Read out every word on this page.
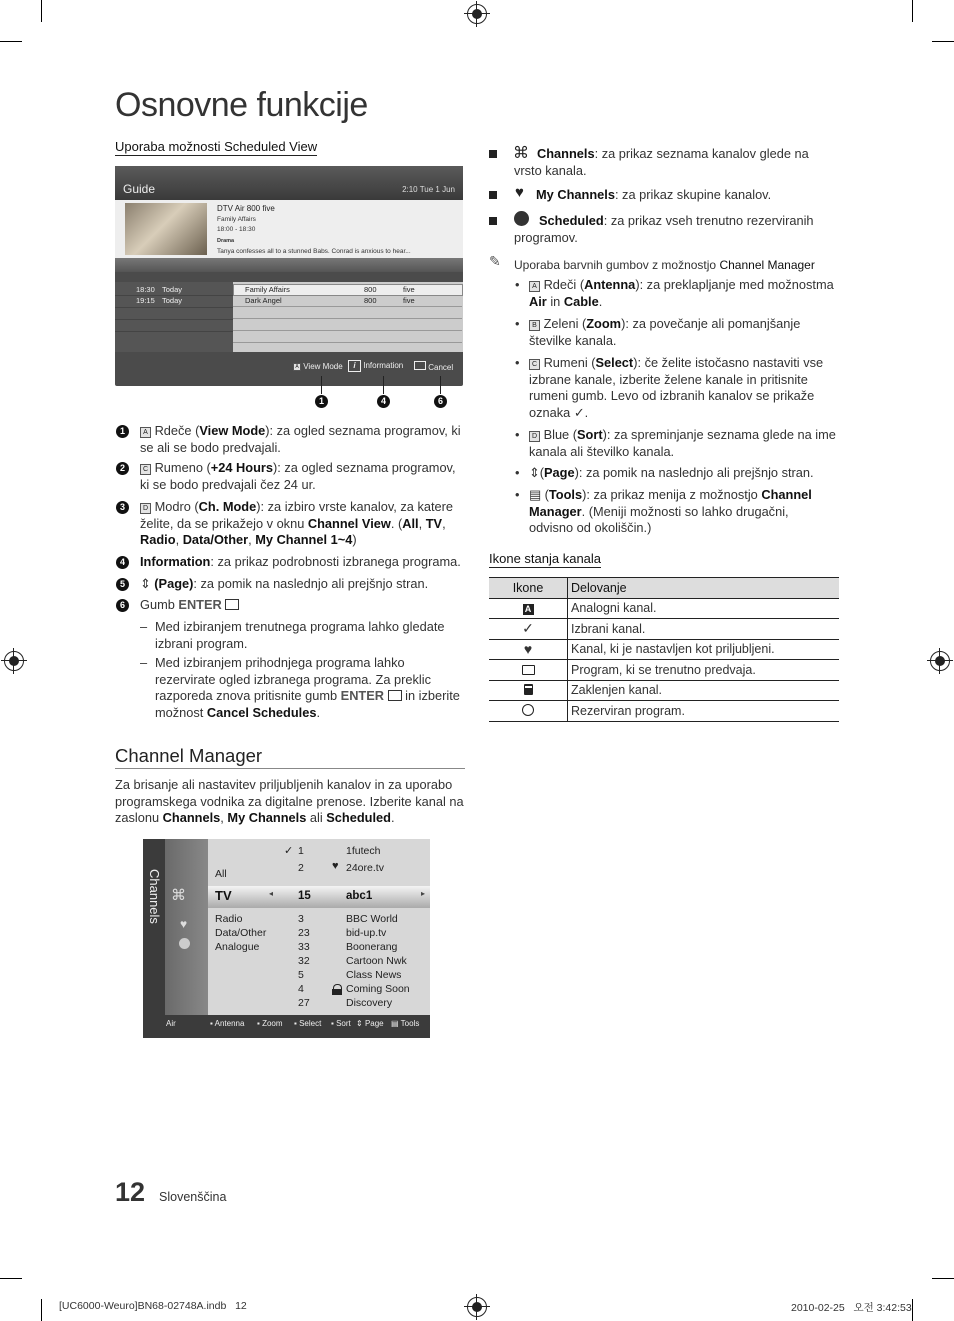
Osnovne funkcije
Uporaba možnosti Scheduled View
Guide	2:10 Tue 1 Jun
DTV Air 800 five
Family Affairs
18:00 - 18:30
Drama
Tanya confesses all to a stunned Babs. Conrad is anxious to hear...
18:30 Today	Family Affairs	800	five
19:15 Today	Dark Angel	800	five
A View Mode	i Information	Cancel
1	4	6
1	A Rdeče (View Mode): za ogled seznama programov, ki se ali se bodo predvajali.
2	C Rumeno (+24 Hours): za ogled seznama programov, ki se bodo predvajali čez 24 ur.
3	D Modro (Ch. Mode): za izbiro vrste kanalov, za katere želite, da se prikažejo v oknu Channel View. (All, TV, Radio, Data/Other, My Channel 1~4)
4	Information: za prikaz podrobnosti izbranega programa.
5	⇕ (Page): za pomik na naslednjo ali prejšnjo stran.
6	Gumb ENTER
– Med izbiranjem trenutnega programa lahko gledate izbrani program.
– Med izbiranjem prihodnjega programa lahko rezervirate ogled izbranega programa. Za preklic razporeda znova pritisnite gumb ENTER  in izberite možnost Cancel Schedules.
Channel Manager
Za brisanje ali nastavitev priljubljenih kanalov in za uporabo programskega vodnika za digitalne prenose. Izberite kanal na zaslonu Channels, My Channels ali Scheduled.
Channels ⌘
♥
All
TV	◂	▸
Radio
Data/Other
Analogue
✓ 1	1futech
2	♥ 24ore.tv
15	abc1
3	BBC World
23	bid-up.tv
33	Boonerang
32	Cartoon Nwk
5	Class News
4	Coming Soon
27	Discovery
Air	▪ Antenna ▪ Zoom ▪ Select ▪ Sort ⇕ Page ▤ Tools
⌘ Channels: za prikaz seznama kanalov glede na vrsto kanala.
♥ My Channels: za prikaz skupine kanalov.
Scheduled: za prikaz vseh trenutno rezerviranih programov.
✎ Uporaba barvnih gumbov z možnostjo Channel Manager
•	A Rdeči (Antenna): za preklapljanje med možnostma Air in Cable.
•	B Zeleni (Zoom): za povečanje ali pomanjšanje številke kanala.
•	C Rumeni (Select): če želite istočasno nastaviti vse izbrane kanale, izberite želene kanale in pritisnite rumeni gumb. Levo od izbranih kanalov se prikaže oznaka ✓.
•	D Blue (Sort): za spreminjanje seznama glede na ime kanala ali številko kanala.
• ⇕(Page): za pomik na naslednjo ali prejšnjo stran.
• ▤ (Tools): za prikaz menija z možnostjo Channel Manager. (Meniji možnosti so lahko drugačni, odvisno od okoliščin.)
Ikone stanja kanala
Ikone	Delovanje
A	Analogni kanal.
✓	Izbrani kanal.
♥	Kanal, ki je nastavljen kot priljubljeni.
	Program, ki se trenutno predvaja.
	Zaklenjen kanal.
	Rezerviran program.
12 Slovenščina
[UC6000-Weuro]BN68-02748A.indb   12	2010-02-25   오전 3:42:53
